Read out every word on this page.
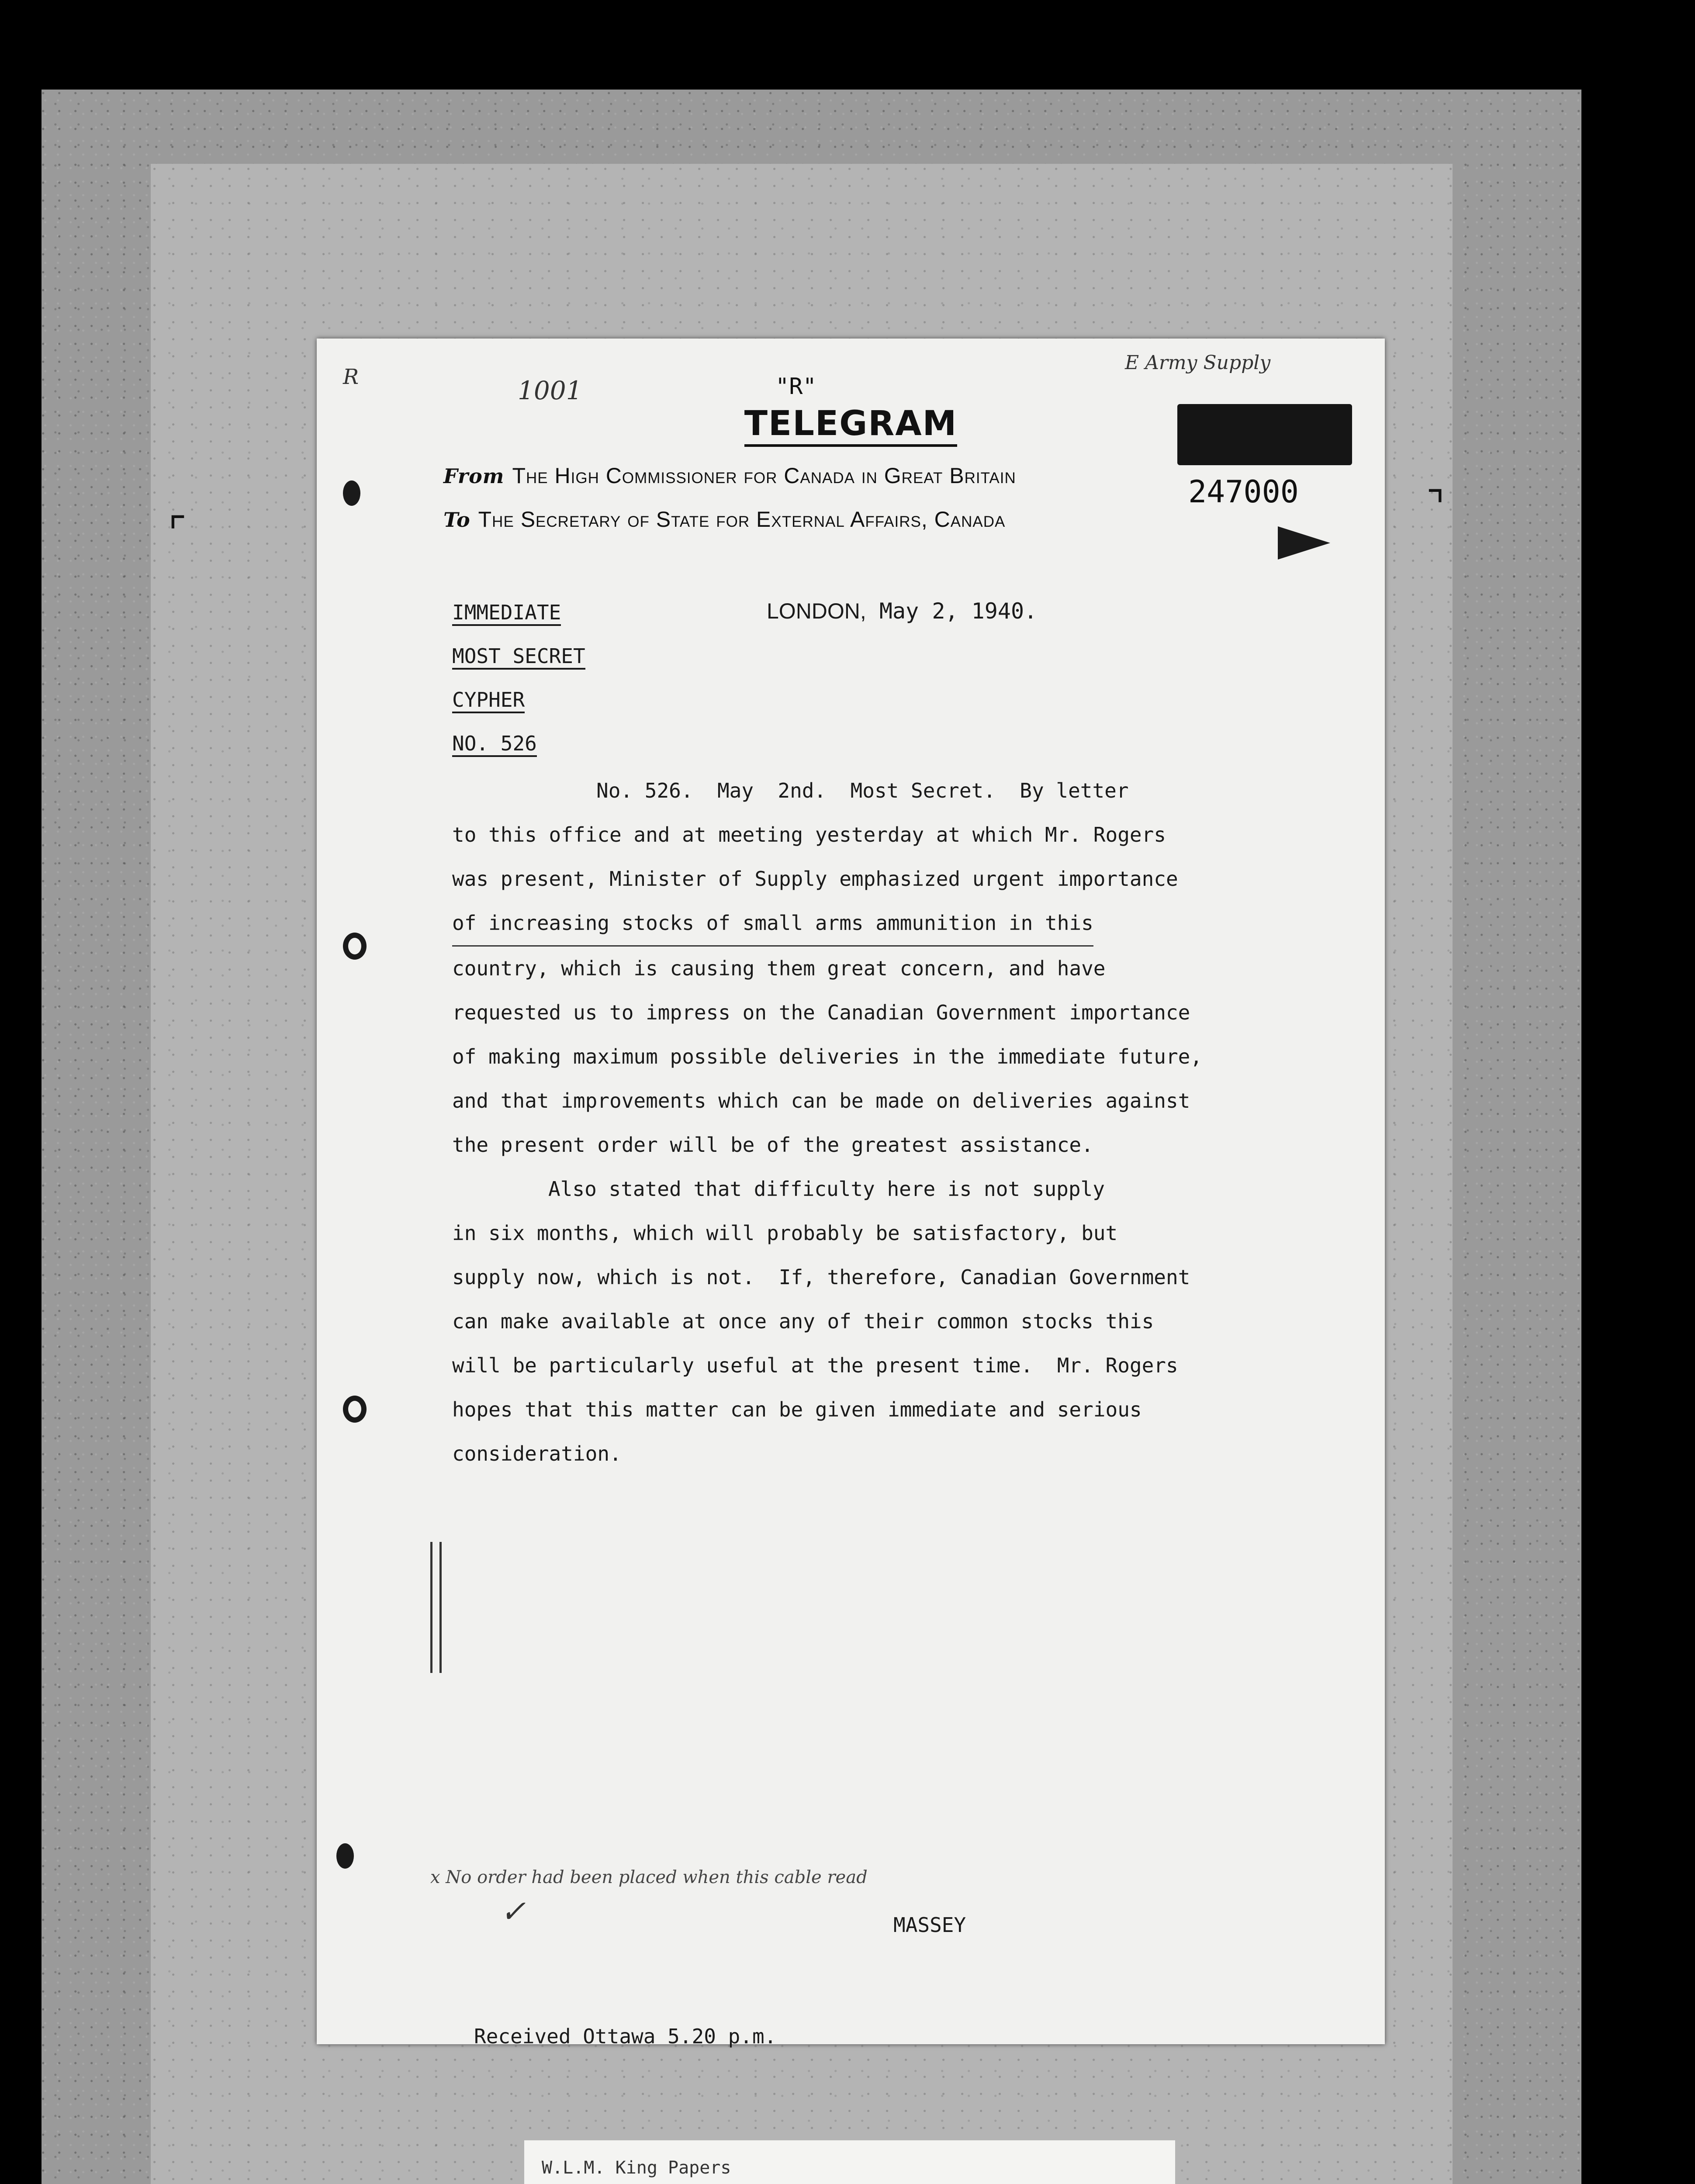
⌜
⌝
R	1001
E Army Supply
"R"
TELEGRAM
247000
From The High Commissioner for Canada in Great Britain
To The Secretary of State for External Affairs, Canada
IMMEDIATE
MOST SECRET
CYPHER
NO. 526
LONDON, May 2, 1940.
No. 526.  May  2nd.  Most Secret.  By letter
to this office and at meeting yesterday at which Mr. Rogers
was present, Minister of Supply emphasized urgent importance
of increasing stocks of small arms ammunition in this
country, which is causing them great concern, and have
requested us to impress on the Canadian Government importance
of making maximum possible deliveries in the immediate future,
and that improvements which can be made on deliveries against
the present order will be of the greatest assistance.
Also stated that difficulty here is not supply
in six months, which will probably be satisfactory, but
supply now, which is not.  If, therefore, Canadian Government
can make available at once any of their common stocks this
will be particularly useful at the present time.  Mr. Rogers
hopes that this matter can be given immediate and serious
consideration.
x No order had been placed when this cable read
✓	MASSEY
Received Ottawa 5.20 p.m.
W.L.M. King Papers
